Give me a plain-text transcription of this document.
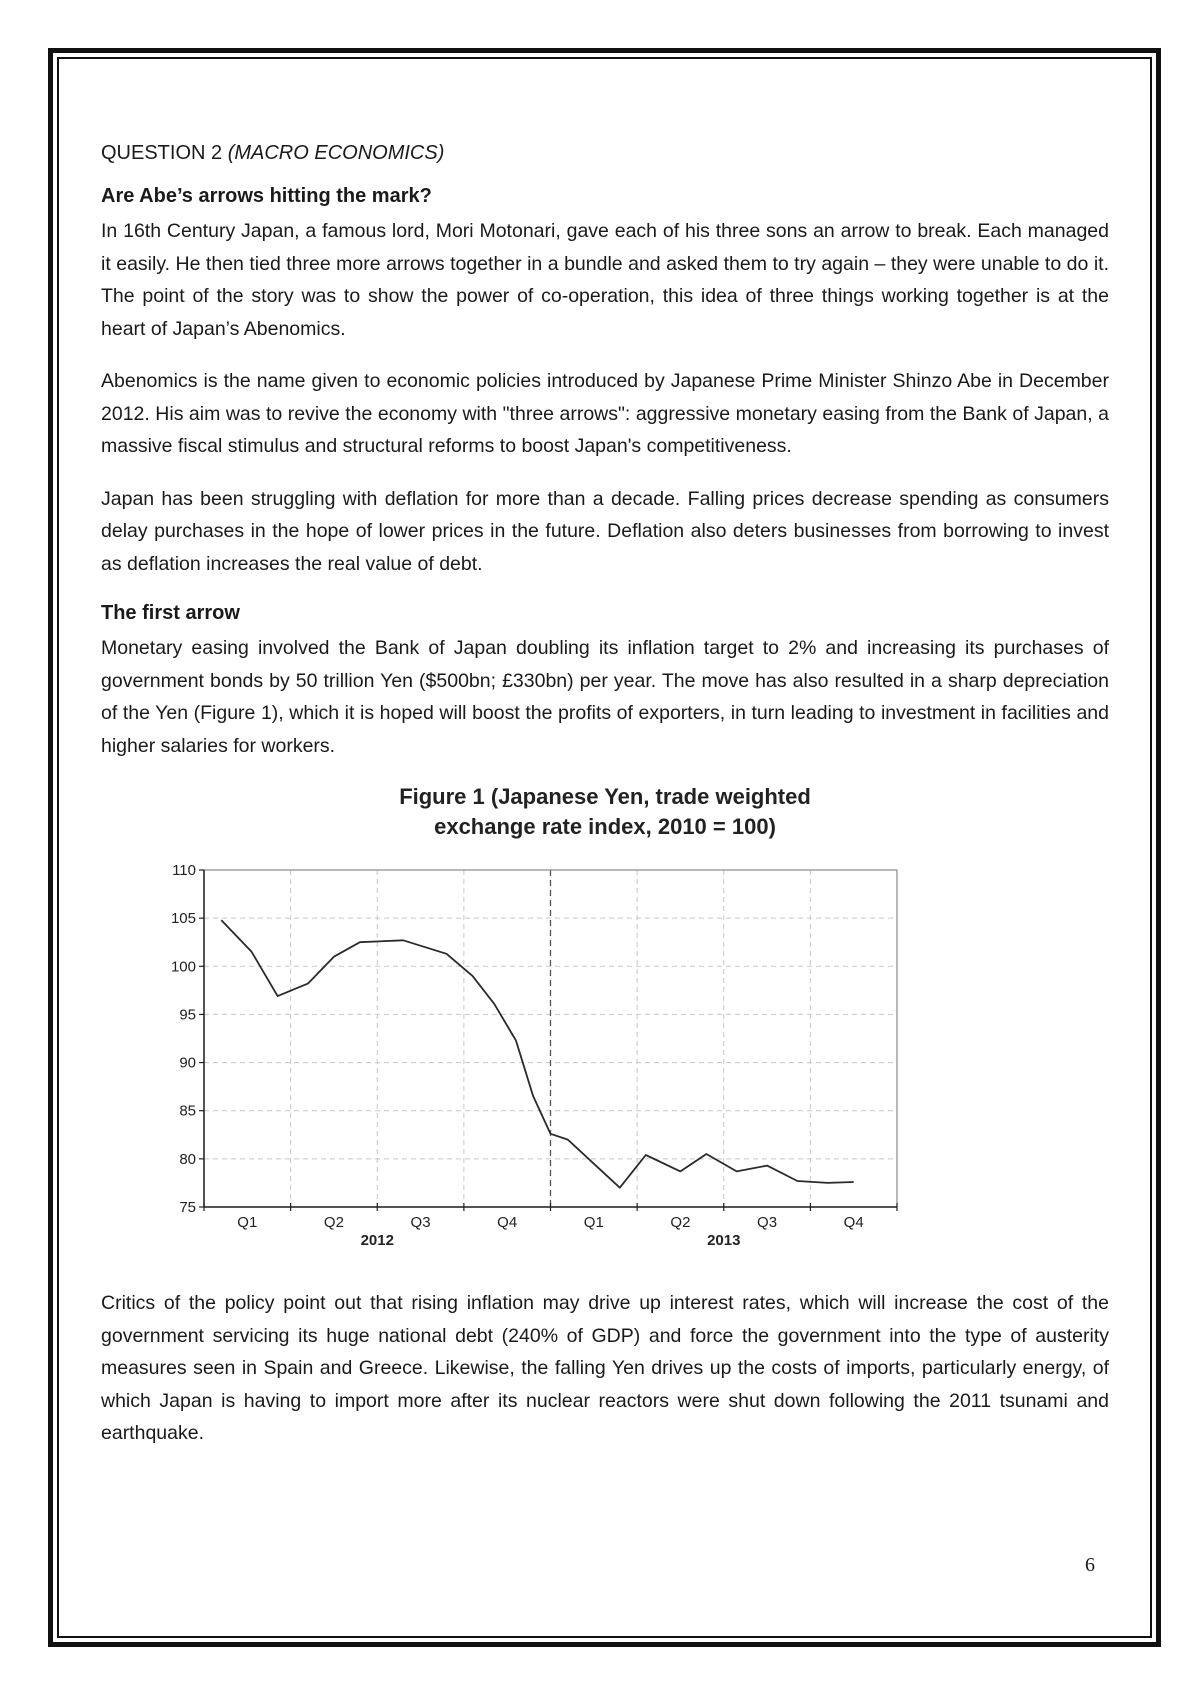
QUESTION 2 (MACRO ECONOMICS)
Are Abe’s arrows hitting the mark?

In 16th Century Japan, a famous lord, Mori Motonari, gave each of his three sons an arrow to break. Each managed it easily. He then tied three more arrows together in a bundle and asked them to try again – they were unable to do it. The point of the story was to show the power of co-operation, this idea of three things working together is at the heart of Japan’s Abenomics.

Abenomics is the name given to economic policies introduced by Japanese Prime Minister Shinzo Abe in December 2012. His aim was to revive the economy with "three arrows": aggressive monetary easing from the Bank of Japan, a massive fiscal stimulus and structural reforms to boost Japan's competitiveness.

Japan has been struggling with deflation for more than a decade. Falling prices decrease spending as consumers delay purchases in the hope of lower prices in the future. Deflation also deters businesses from borrowing to invest as deflation increases the real value of debt.

The first arrow

Monetary easing involved the Bank of Japan doubling its inflation target to 2% and increasing its purchases of government bonds by 50 trillion Yen ($500bn; £330bn) per year. The move has also resulted in a sharp depreciation of the Yen (Figure 1), which it is hoped will boost the profits of exporters, in turn leading to investment in facilities and higher salaries for workers.

75
80
85
90
95
100
105
110
Q1	Q2	Q3	Q4	Q1	Q2	Q3	Q4
2012	2013
Figure 1 (Japanese Yen, trade weighted
exchange rate index, 2010 = 100)

Critics of the policy point out that rising inflation may drive up interest rates, which will increase the cost of the government servicing its huge national debt (240% of GDP) and force the government into the type of austerity measures seen in Spain and Greece. Likewise, the falling Yen drives up the costs of imports, particularly energy, of which Japan is having to import more after its nuclear reactors were shut down following the 2011 tsunami and earthquake.

6
